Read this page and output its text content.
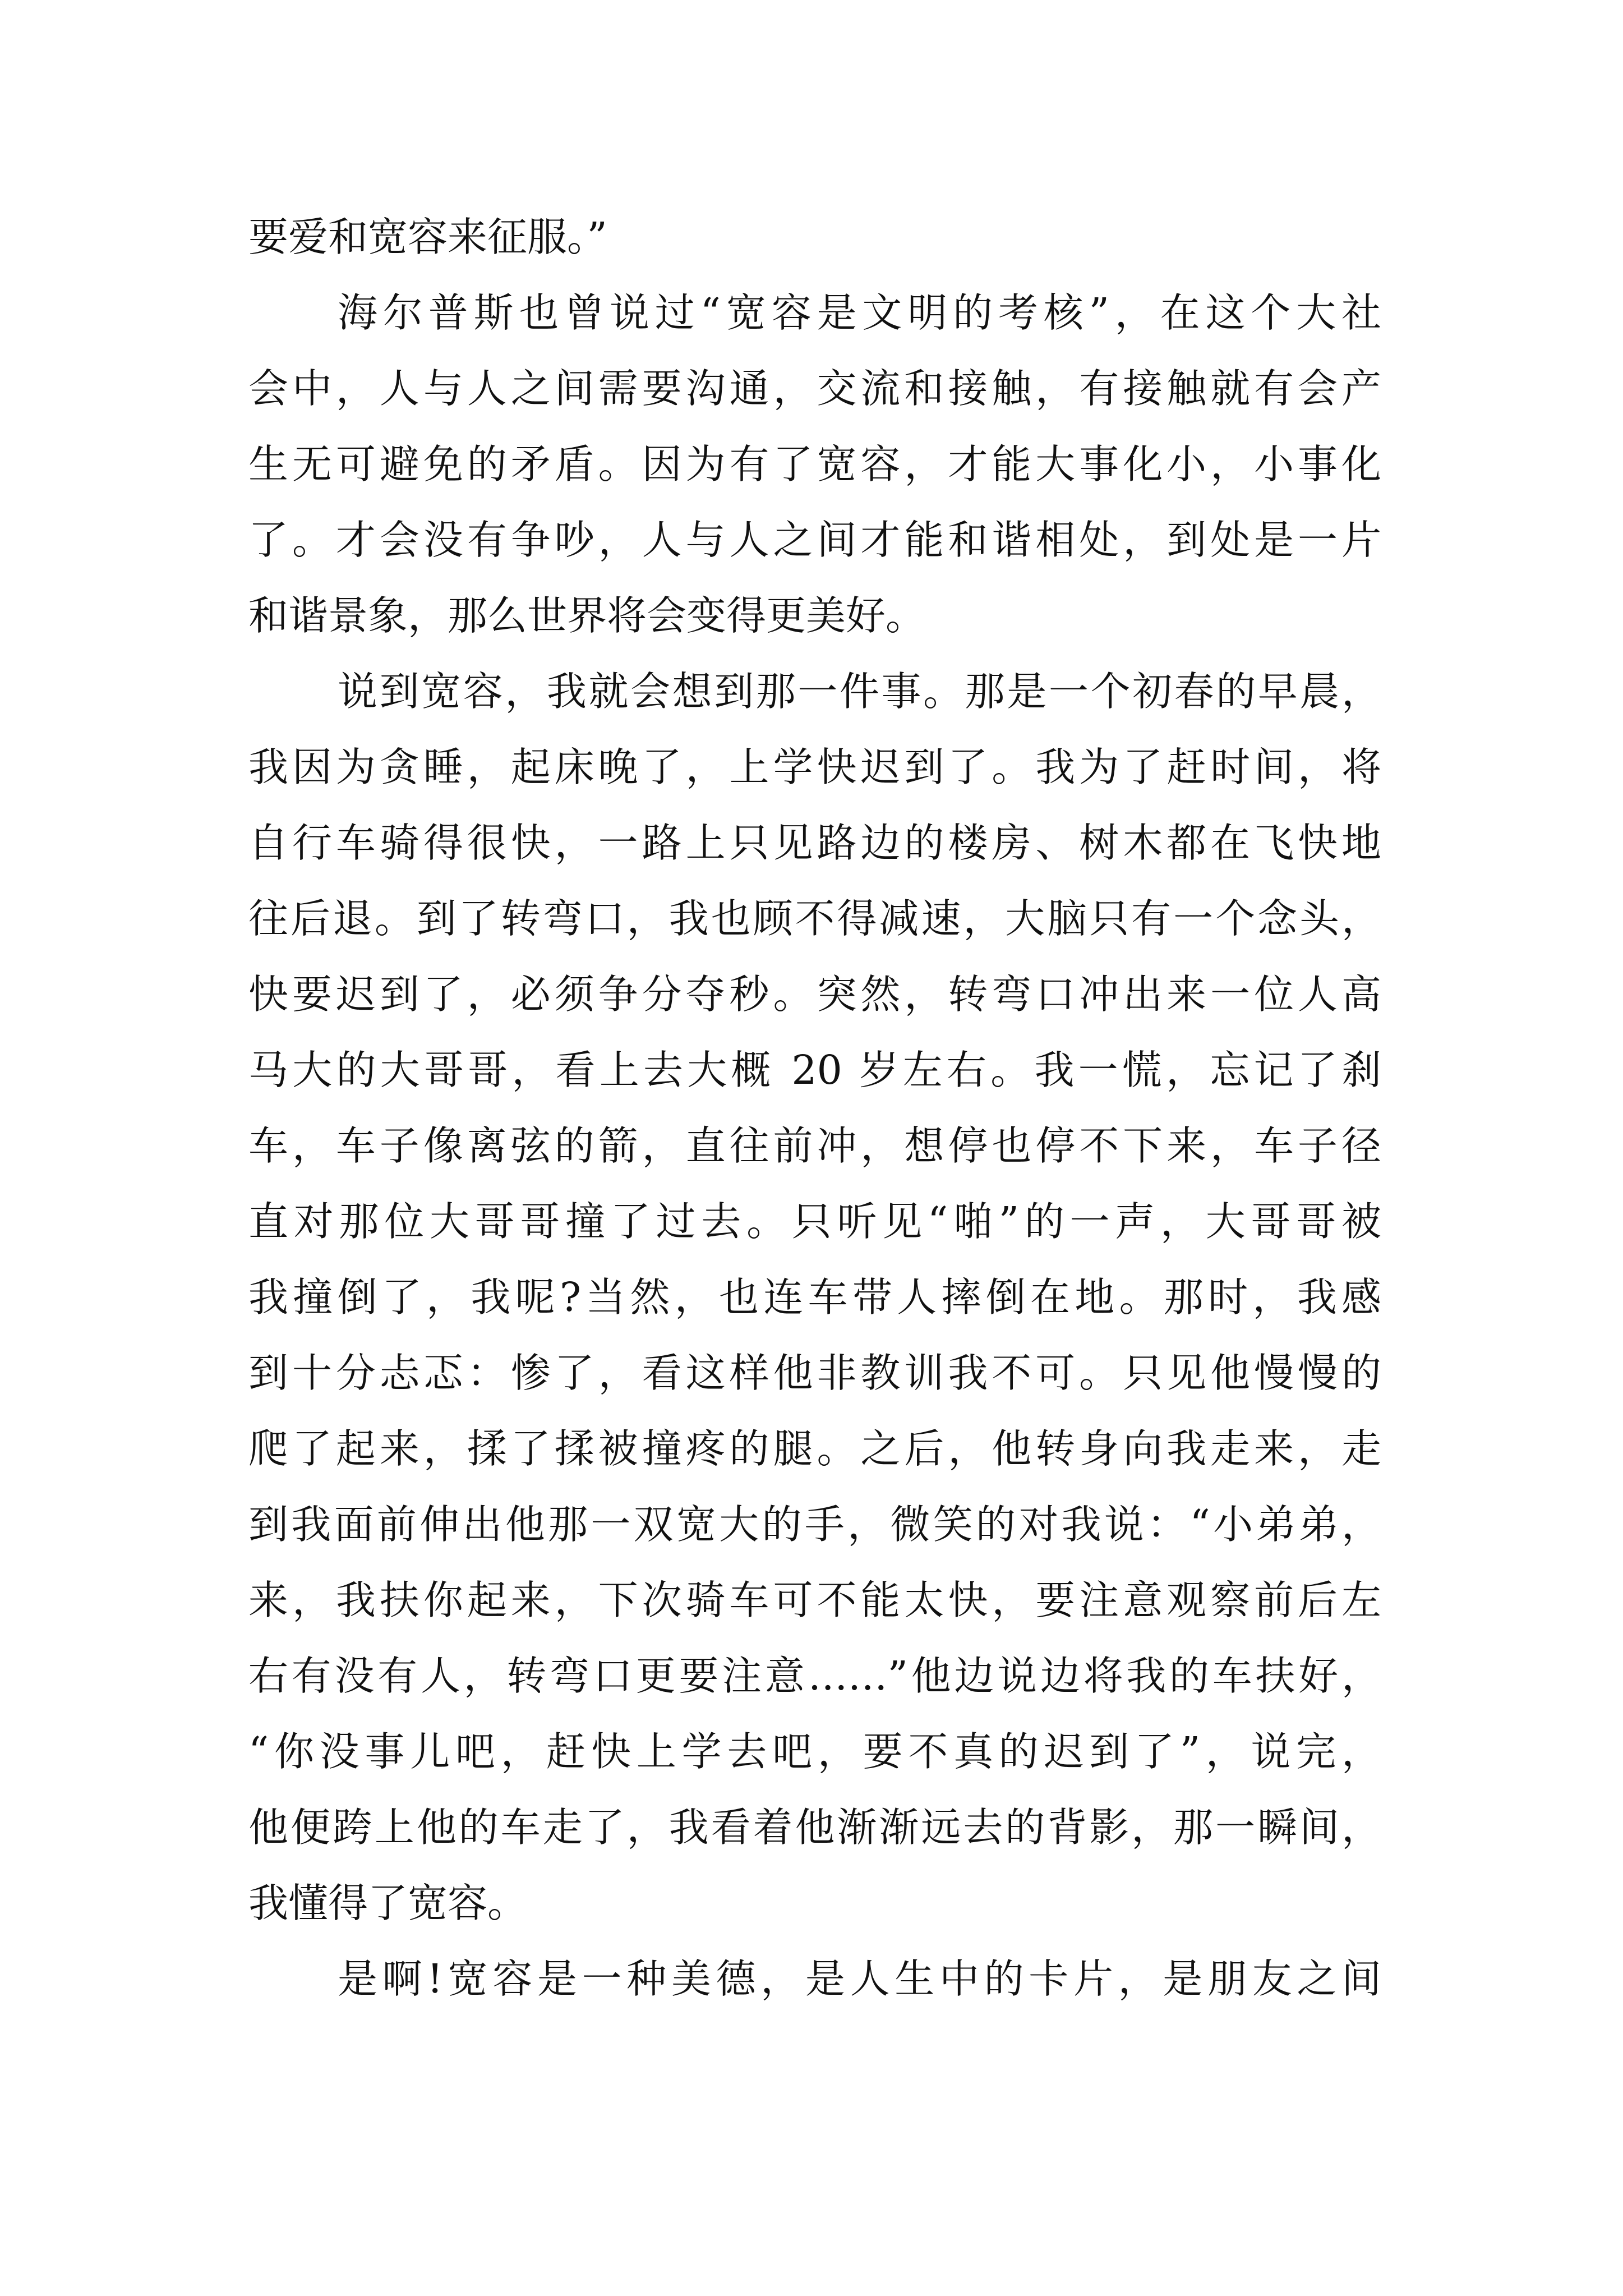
要爱和宽容来征服。”
海尔普斯也曾说过“宽容是文明的考核”，在这个大社
会中，人与人之间需要沟通，交流和接触，有接触就有会产
生无可避免的矛盾。因为有了宽容，才能大事化小，小事化
了。才会没有争吵，人与人之间才能和谐相处，到处是一片
和谐景象，那么世界将会变得更美好。
说到宽容，我就会想到那一件事。那是一个初春的早晨，
我因为贪睡，起床晚了，上学快迟到了。我为了赶时间，将
自行车骑得很快，一路上只见路边的楼房、树木都在飞快地
往后退。到了转弯口，我也顾不得减速，大脑只有一个念头，
快要迟到了，必须争分夺秒。突然，转弯口冲出来一位人高
马大的大哥哥，看上去大概 20 岁左右。我一慌，忘记了刹
车，车子像离弦的箭，直往前冲，想停也停不下来，车子径
直对那位大哥哥撞了过去。只听见“啪”的一声，大哥哥被
我撞倒了，我呢?当然，也连车带人摔倒在地。那时，我感
到十分忐忑：惨了，看这样他非教训我不可。只见他慢慢的
爬了起来，揉了揉被撞疼的腿。之后，他转身向我走来，走
到我面前伸出他那一双宽大的手，微笑的对我说：“小弟弟，
来，我扶你起来，下次骑车可不能太快，要注意观察前后左
右有没有人，转弯口更要注意……”他边说边将我的车扶好，
“你没事儿吧，赶快上学去吧，要不真的迟到了”，说完，
他便跨上他的车走了，我看着他渐渐远去的背影，那一瞬间，
我懂得了宽容。
是啊!宽容是一种美德，是人生中的卡片，是朋友之间
